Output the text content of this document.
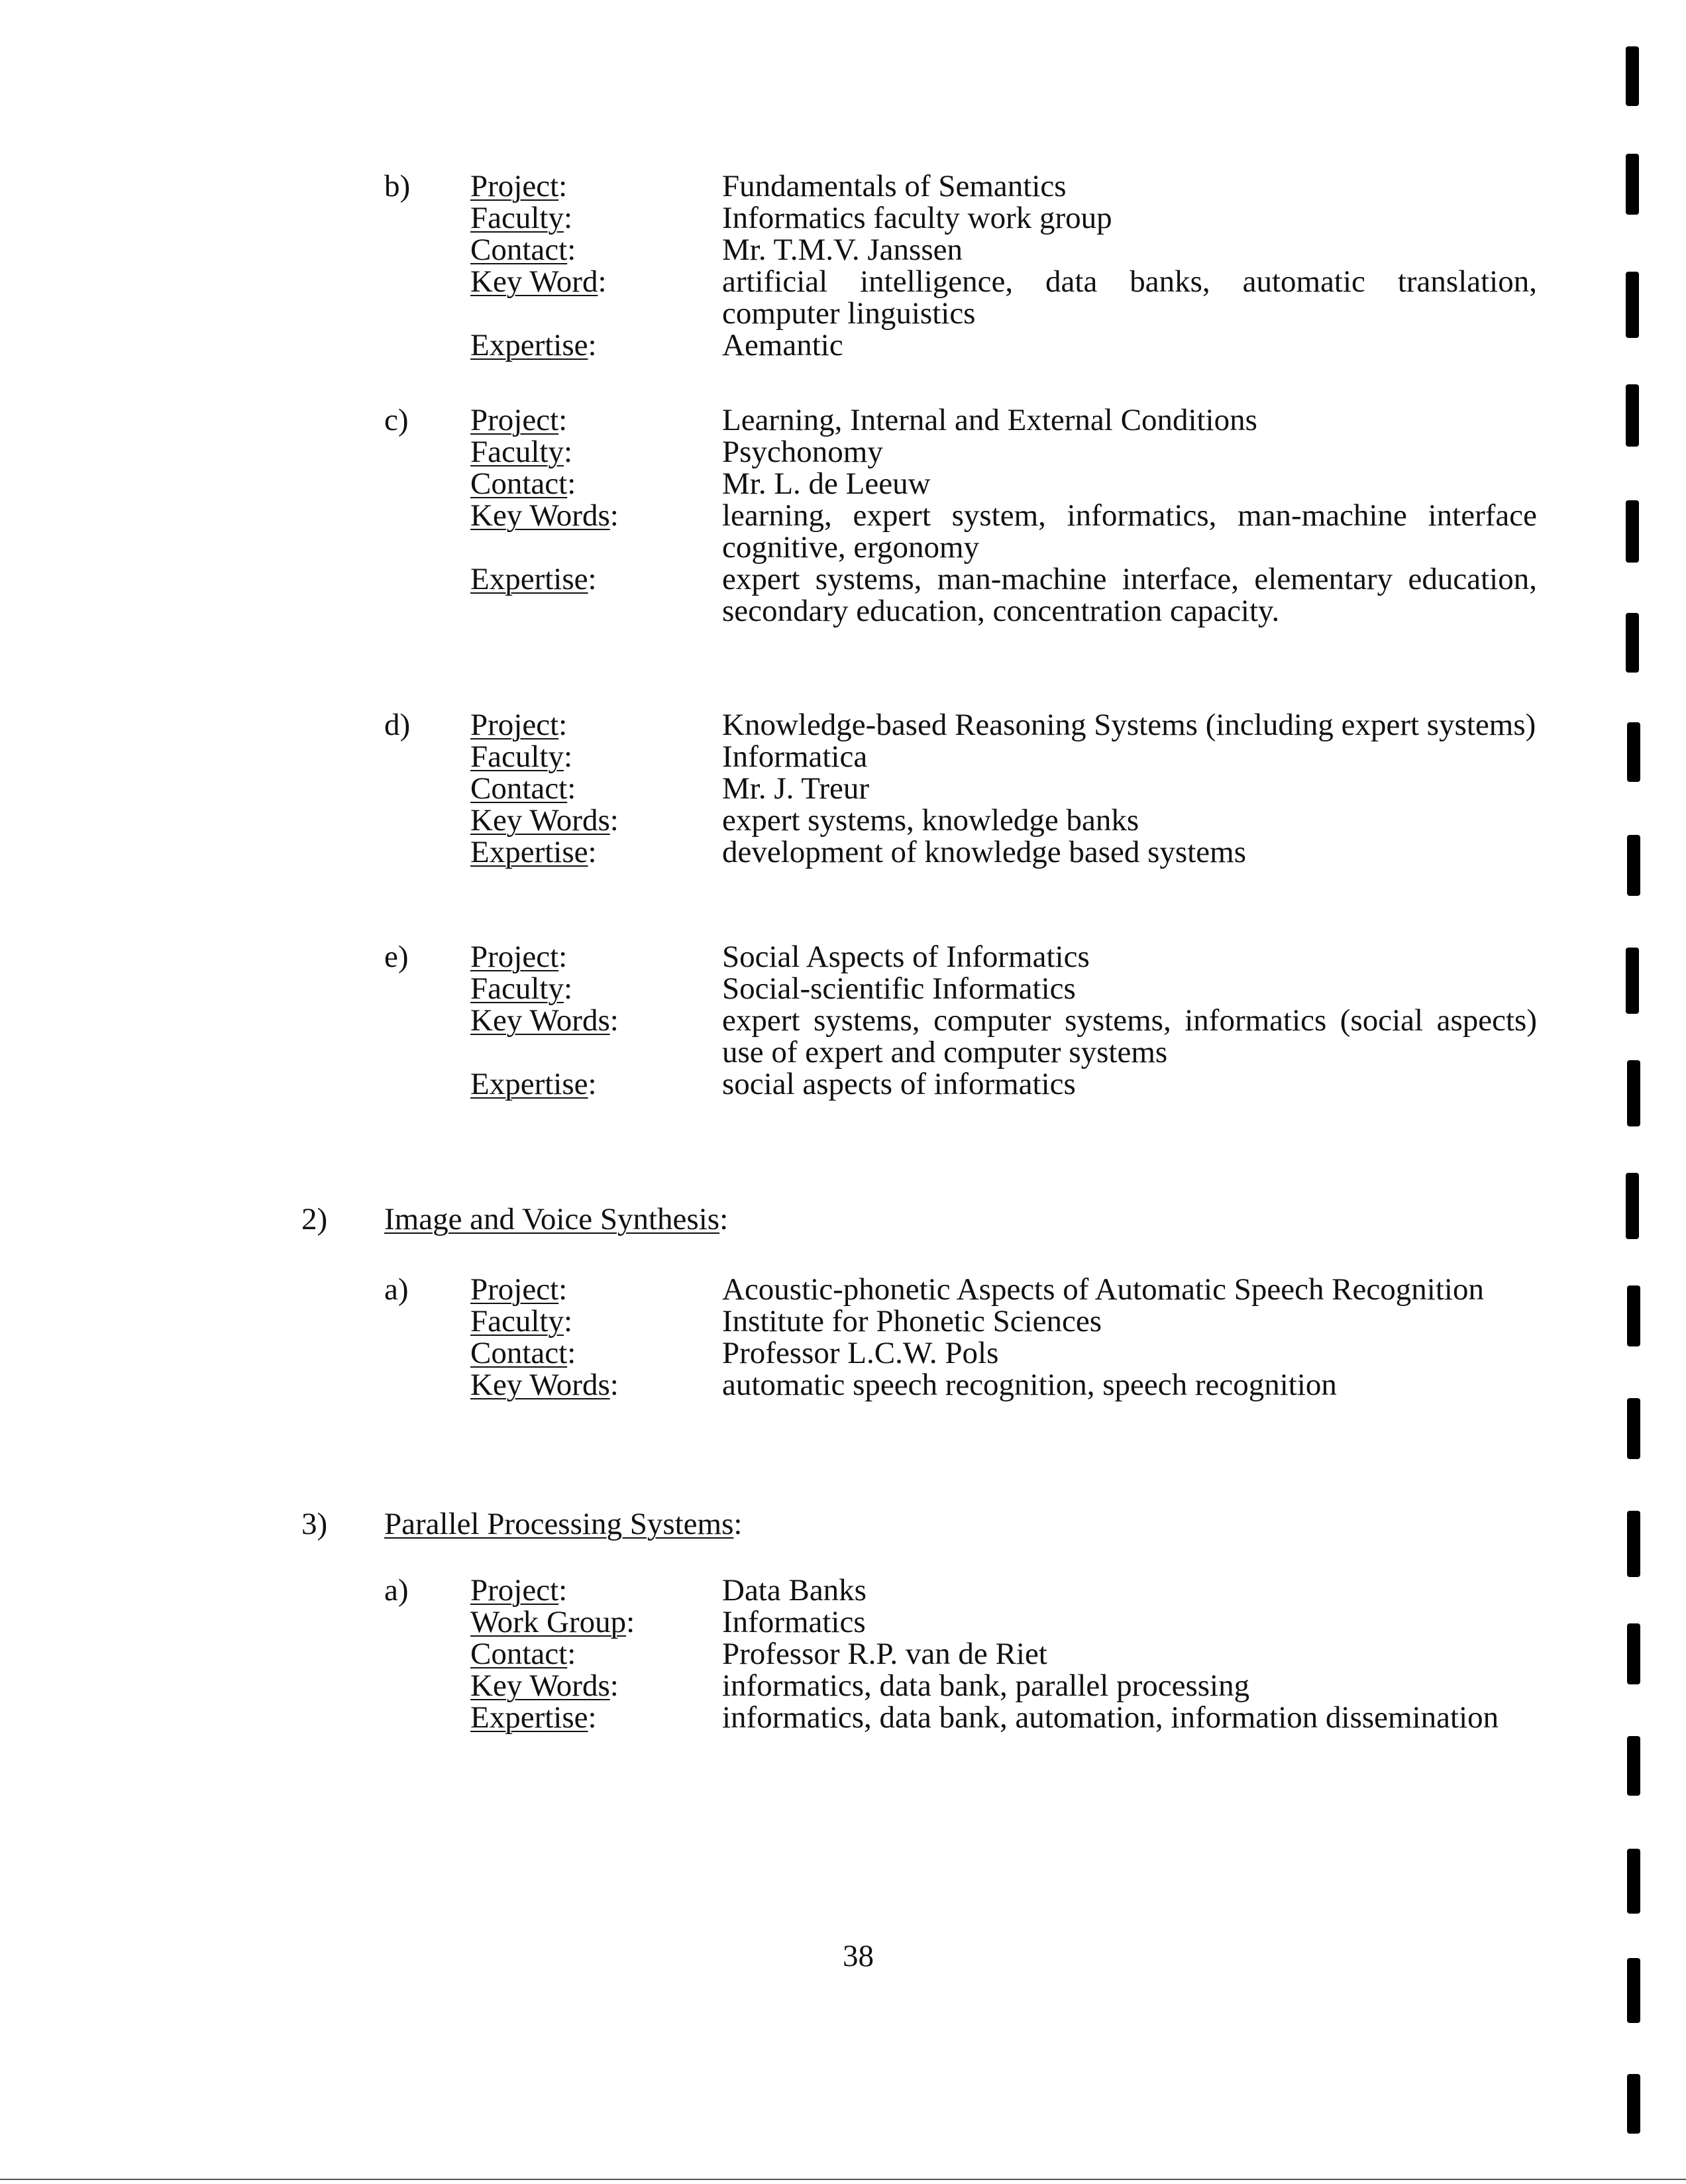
b) Project:	Fundamentals of Semantics
Faculty:	Informatics faculty work group
Contact:	Mr. T.M.V. Janssen
Key Word:	artificial intelligence, data banks, automatic translation, computer linguistics
Expertise:	Aemantic
c) Project:	Learning, Internal and External Conditions
Faculty:	Psychonomy
Contact:	Mr. L. de Leeuw
Key Words:	learning, expert system, informatics, man-machine interface cognitive, ergonomy
Expertise:	expert systems, man-machine interface, elementary education, secondary education, concentration capacity.
d) Project:	Knowledge-based Reasoning Systems (including expert systems)
Faculty:	Informatica
Contact:	Mr. J. Treur
Key Words:	expert systems, knowledge banks
Expertise:	development of knowledge based systems
e) Project:	Social Aspects of Informatics
Faculty:	Social-scientific Informatics
Key Words:	expert systems, computer systems, informatics (social aspects) use of expert and computer systems
Expertise:	social aspects of informatics
2) Image and Voice Synthesis:
a) Project:	Acoustic-phonetic Aspects of Automatic Speech Recognition
Faculty:	Institute for Phonetic Sciences
Contact:	Professor L.C.W. Pols
Key Words:	automatic speech recognition, speech recognition
3) Parallel Processing Systems:
a) Project:	Data Banks
Work Group:	Informatics
Contact:	Professor R.P. van de Riet
Key Words:	informatics, data bank, parallel processing
Expertise:	informatics, data bank, automation, information dissemination
38
